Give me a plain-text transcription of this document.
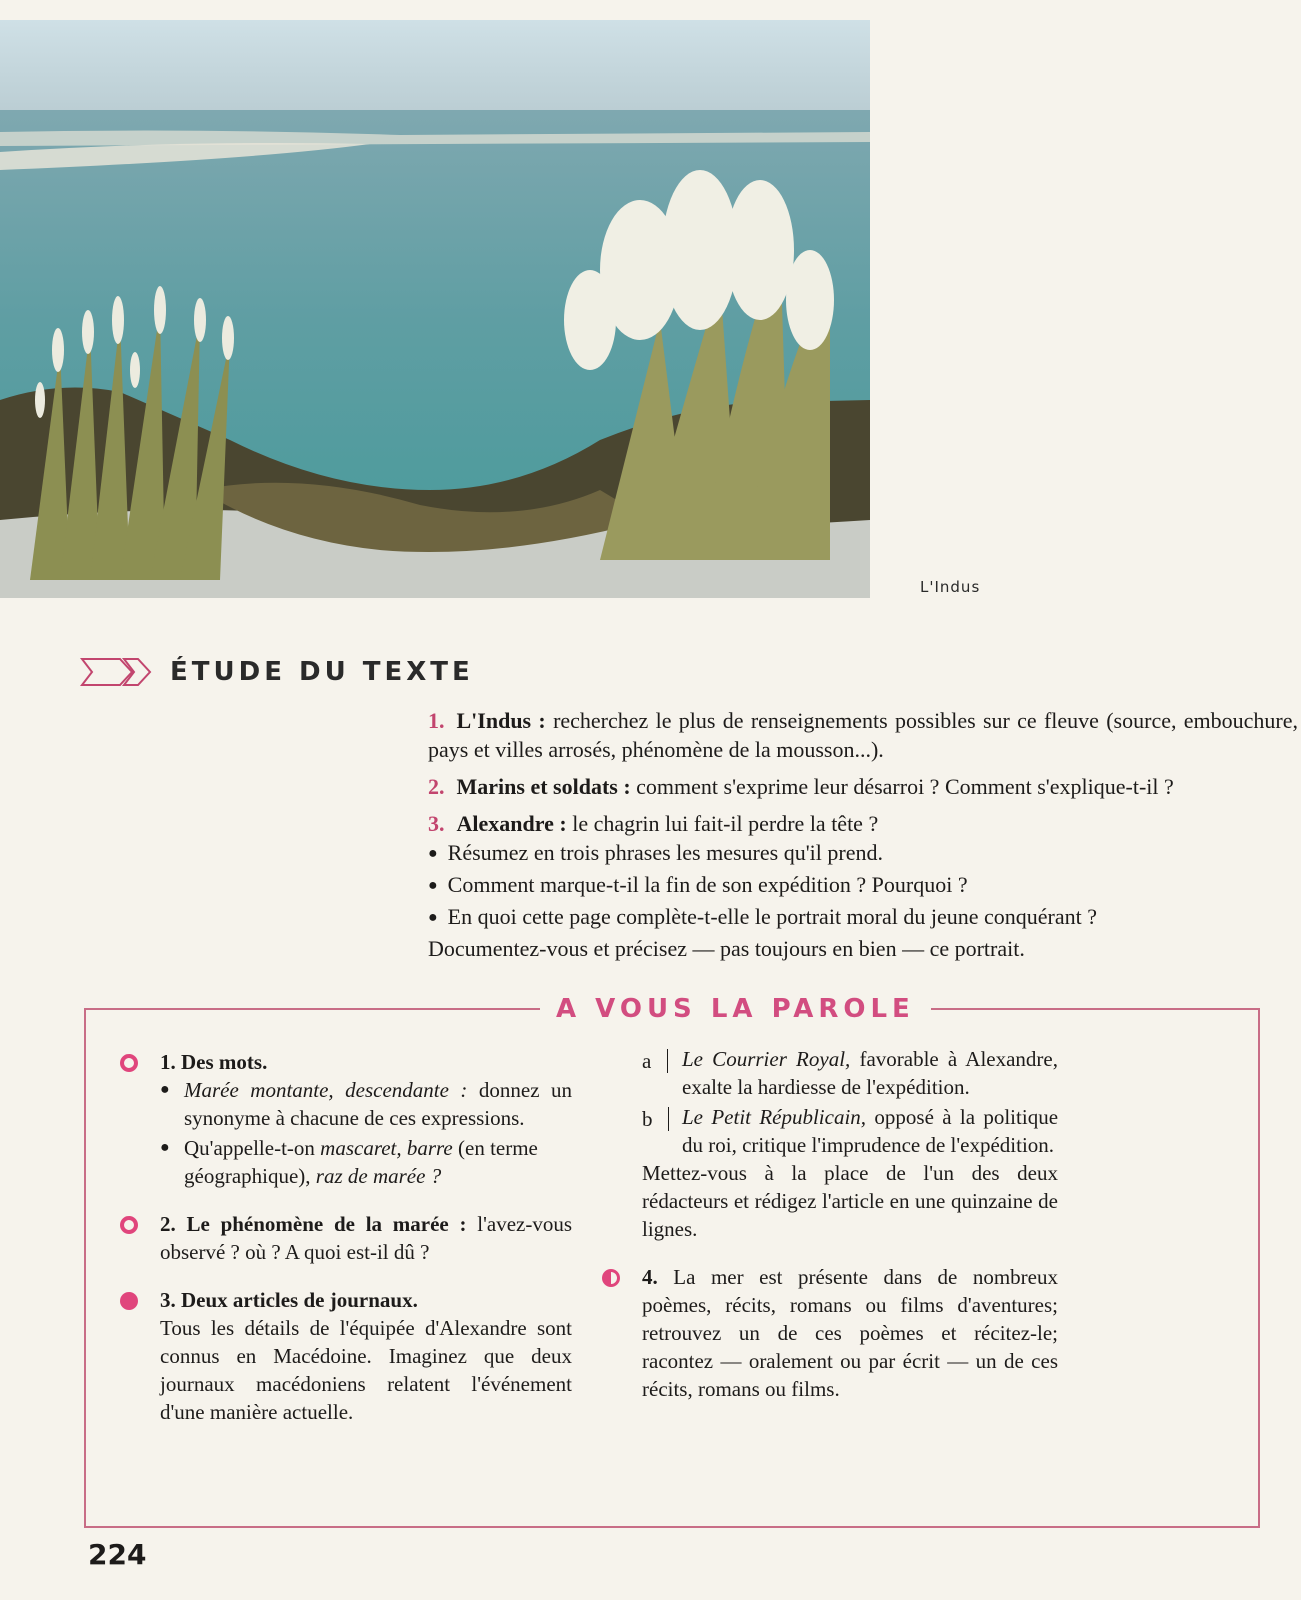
L'Indus
ÉTUDE DU TEXTE

1. L'Indus : recherchez le plus de renseignements possibles sur ce fleuve (source, embouchure, pays et villes arrosés, phénomène de la mousson...).

2. Marins et soldats : comment s'exprime leur désarroi ? Comment s'explique-t-il ?

3. Alexandre : le chagrin lui fait-il perdre la tête ?

● Résumez en trois phrases les mesures qu'il prend.

● Comment marque-t-il la fin de son expédition ? Pourquoi ?

● En quoi cette page complète-t-elle le portrait moral du jeune conquérant ?

Documentez-vous et précisez — pas toujours en bien — ce portrait.

A VOUS LA PAROLE
1. Des mots.
● Marée montante, descendante : donnez un synonyme à chacune de ces expressions.
● Qu'appelle-t-on mascaret, barre (en terme géographique), raz de marée ?
2. Le phénomène de la marée : l'avez-vous observé ? où ? A quoi est-il dû ?
3. Deux articles de journaux.
Tous les détails de l'équipée d'Alexandre sont connus en Macédoine. Imaginez que deux journaux macédoniens relatent l'événement d'une manière actuelle.
a	Le Courrier Royal, favorable à Alexandre, exalte la hardiesse de l'expédition.
b	Le Petit Républicain, opposé à la politique du roi, critique l'imprudence de l'expédition.
Mettez-vous à la place de l'un des deux rédacteurs et rédigez l'article en une quinzaine de lignes.
4. La mer est présente dans de nombreux poèmes, récits, romans ou films d'aventures; retrouvez un de ces poèmes et récitez-le; racontez — oralement ou par écrit — un de ces récits, romans ou films.
224
